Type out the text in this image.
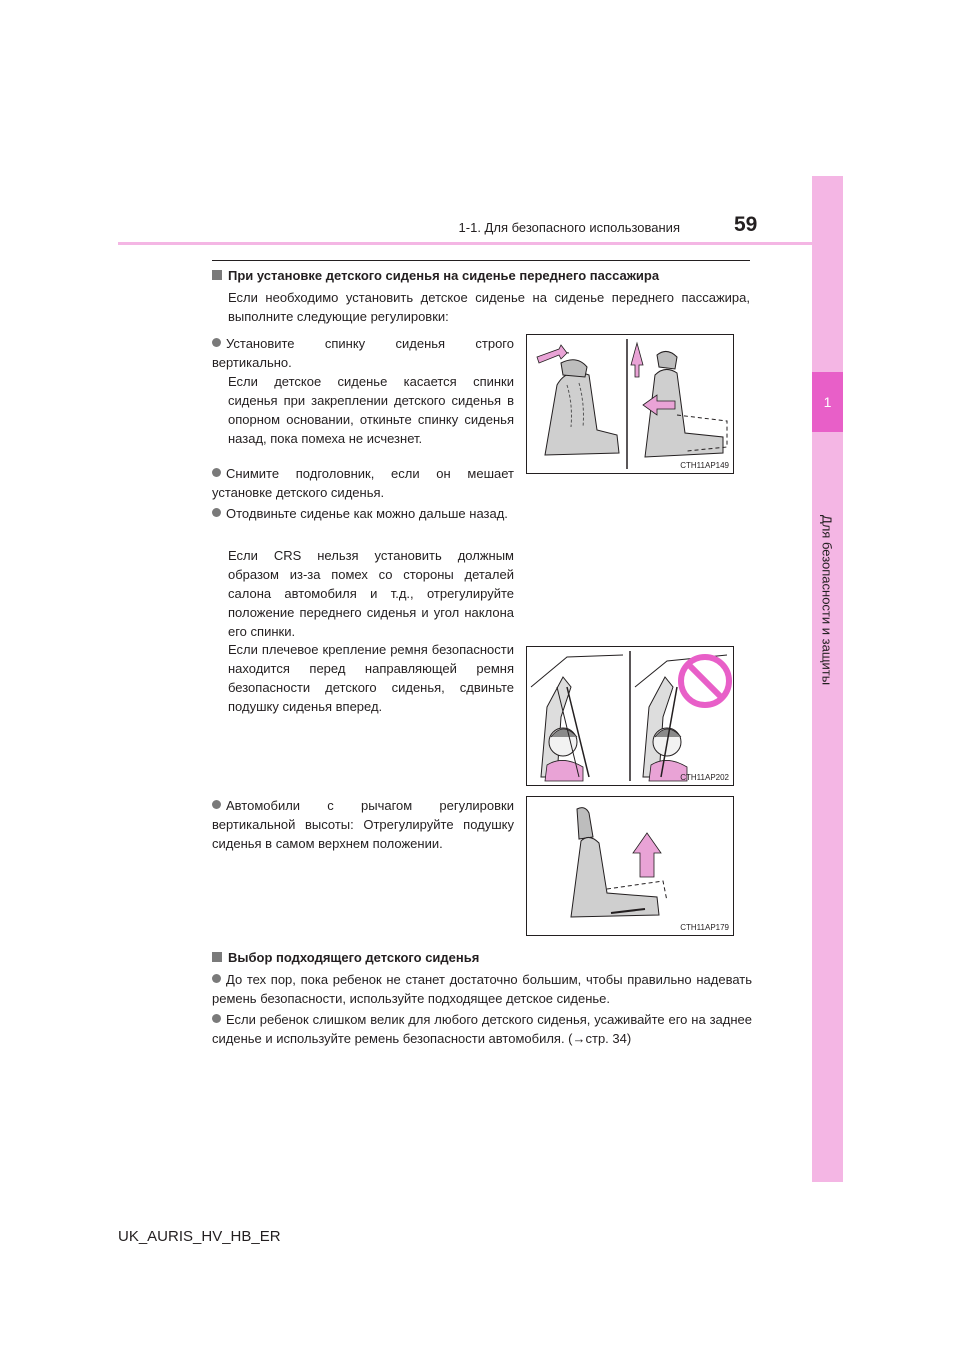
1
Для безопасности и защиты
1-1. Для безопасного использования	59
При установке детского сиденья на сиденье переднего пассажира
Если необходимо установить детское сиденье на сиденье переднего пассажира, выполните следующие регулировки:
Установите спинку сиденья строго вертикально.
Если детское сиденье касается спинки сиденья при закреплении детского сиденья в опорном основании, откиньте спинку сиденья назад, пока помеха не исчезнет.
Снимите подголовник, если он мешает установке детского сиденья.
Отодвиньте сиденье как можно дальше назад.
Если CRS нельзя установить должным образом из-за помех со стороны деталей салона автомобиля и т.д., отрегулируйте положение переднего сиденья и угол наклона его спинки.
Если плечевое крепление ремня безопасности находится перед направляющей ремня безопасности детского сиденья, сдвиньте подушку сиденья вперед.
Автомобили с рычагом регулировки вертикальной высоты: Отрегулируйте подушку сиденья в самом верхнем положении.
CTH11AP149
CTH11AP202
CTH11AP179
Выбор подходящего детского сиденья
До тех пор, пока ребенок не станет достаточно большим, чтобы правильно надевать ремень безопасности, используйте подходящее детское сиденье.
Если ребенок слишком велик для любого детского сиденья, усаживайте его на заднее сиденье и используйте ремень безопасности автомобиля. (→стр. 34)
UK_AURIS_HV_HB_ER
